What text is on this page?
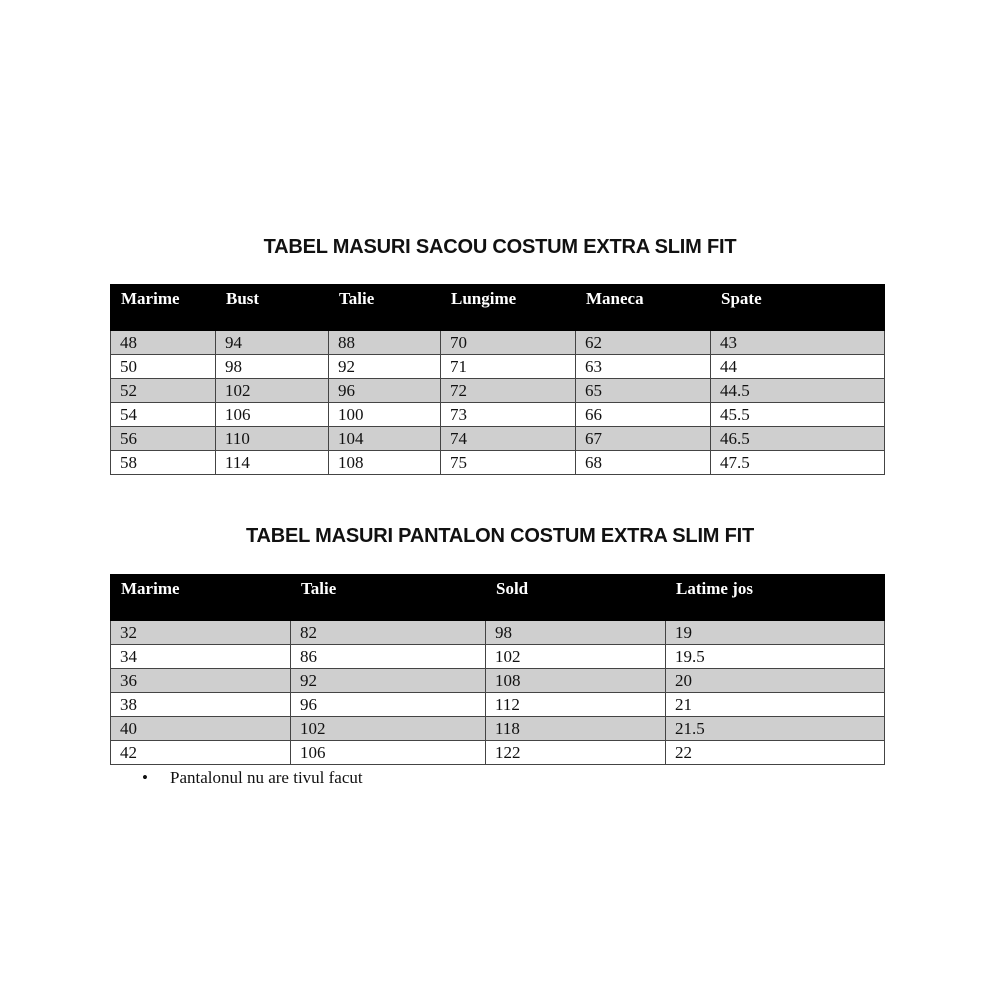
TABEL MASURI SACOU COSTUM EXTRA SLIM FIT
Marime	Bust	Talie	Lungime	Maneca	Spate
48	94	88	70	62	43
50	98	92	71	63	44
52	102	96	72	65	44.5
54	106	100	73	66	45.5
56	110	104	74	67	46.5
58	114	108	75	68	47.5
TABEL MASURI PANTALON COSTUM EXTRA SLIM FIT
Marime	Talie	Sold	Latime jos
32	82	98	19
34	86	102	19.5
36	92	108	20
38	96	112	21
40	102	118	21.5
42	106	122	22
• Pantalonul nu are tivul facut
